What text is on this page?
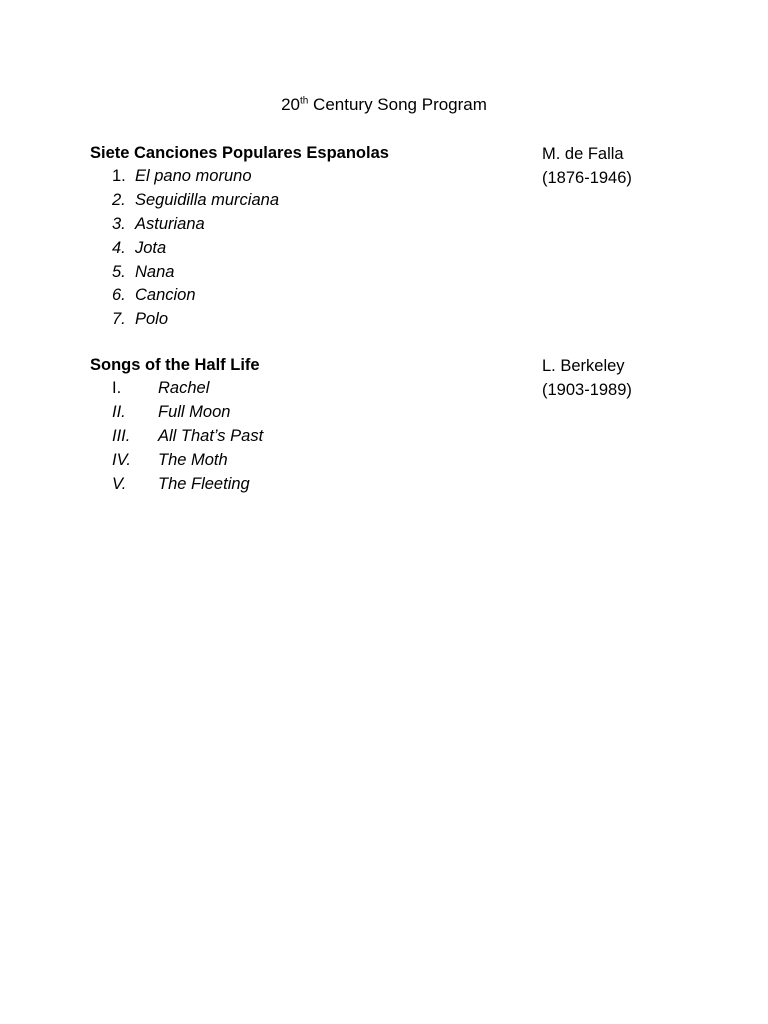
20th Century Song Program
Siete Canciones Populares Espanolas	M. de Falla
(1876-1946)
1. El pano moruno
2. Seguidilla murciana
3. Asturiana
4. Jota
5. Nana
6. Cancion
7. Polo
Songs of the Half Life	L. Berkeley
(1903-1989)
I. Rachel
II. Full Moon
III. All That’s Past
IV. The Moth
V. The Fleeting
